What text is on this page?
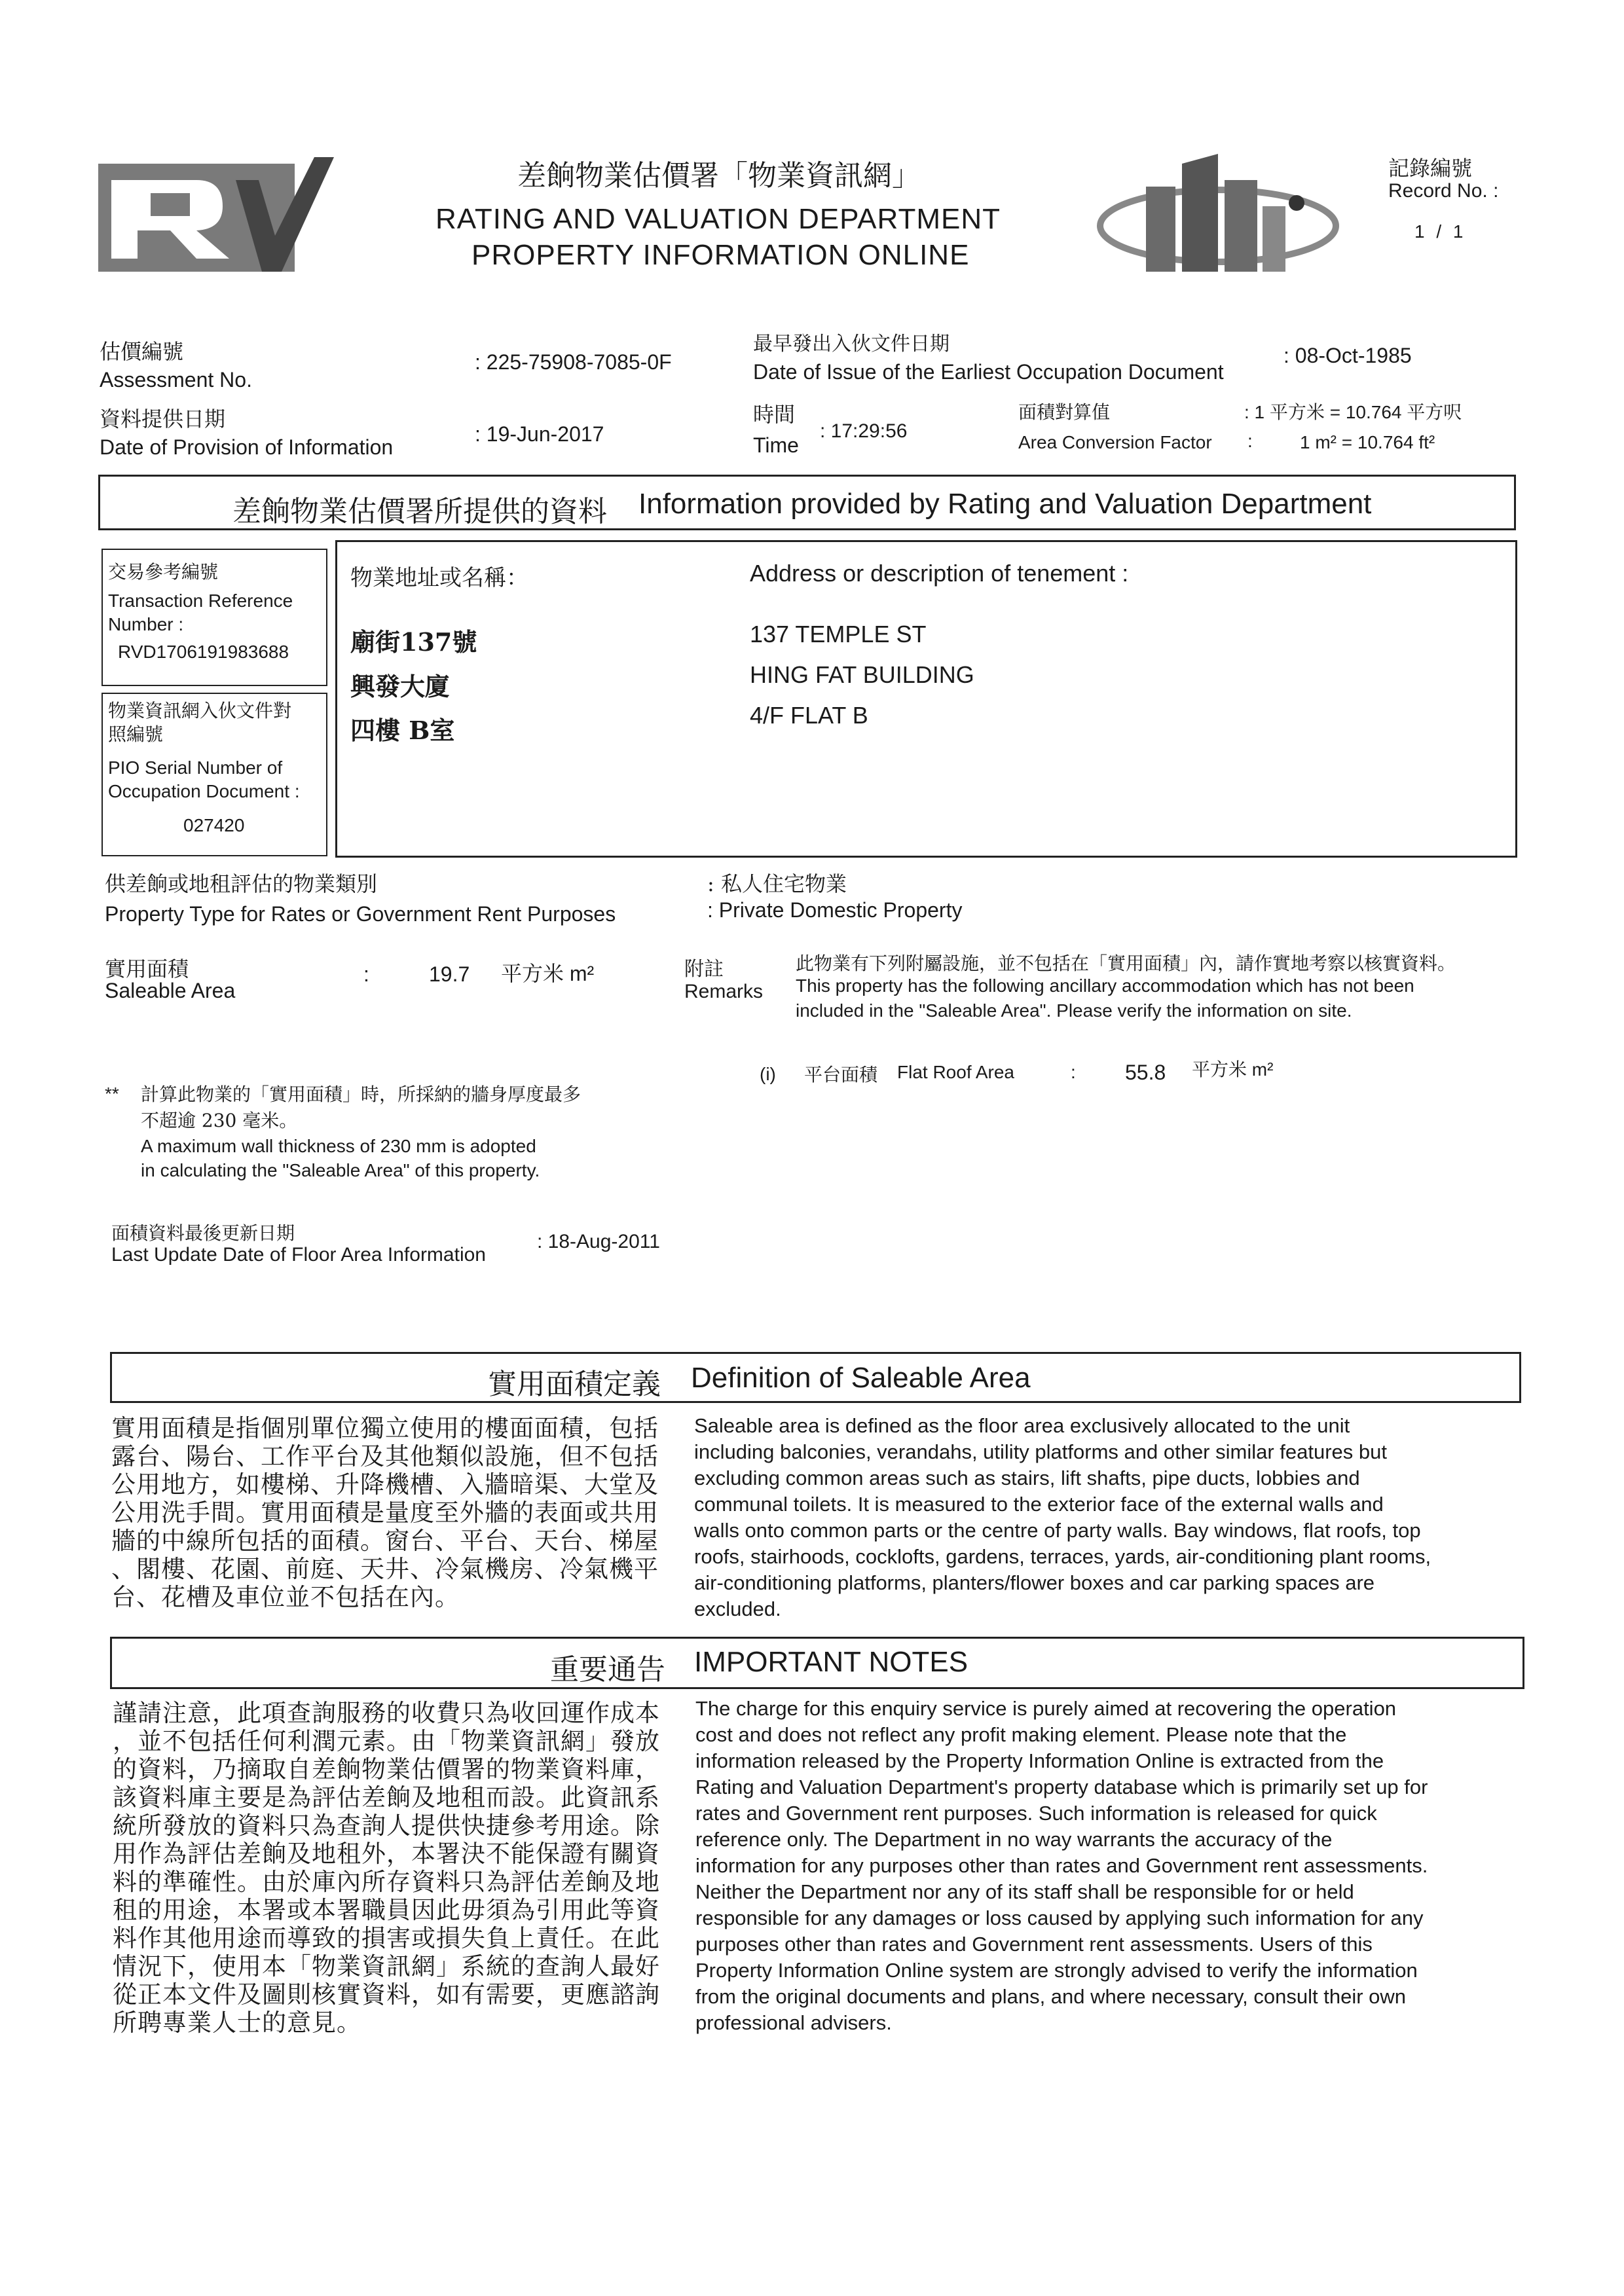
差餉物業估價署「物業資訊網」
RATING AND VALUATION DEPARTMENT
PROPERTY INFORMATION ONLINE
記錄編號
Record No. :
1 / 1
估價編號
Assessment No.
: 225-75908-7085-0F
資料提供日期
Date of Provision of Information
: 19-Jun-2017
最早發出入伙文件日期
Date of Issue of the Earliest Occupation Document
: 08-Oct-1985
時間
Time
: 17:29:56
面積對算值
Area Conversion Factor :
: 1 平方米 = 10.764 平方呎
1 m² = 10.764 ft²
差餉物業估價署所提供的資料 Information provided by Rating and Valuation Department
交易參考編號
Transaction Reference Number :
RVD1706191983688
物業資訊網入伙文件對照編號
PIO Serial Number of Occupation Document :
027420
物業地址或名稱：	Address or description of tenement :
廟街137號
興發大廈
四樓 B室
137 TEMPLE ST
HING FAT BUILDING
4/F FLAT B
供差餉或地租評估的物業類別
Property Type for Rates or Government Rent Purposes
: 私人住宅物業
: Private Domestic Property
實用面積
Saleable Area
:	19.7 平方米 m²	附註
Remarks
此物業有下列附屬設施，並不包括在「實用面積」內，請作實地考察以核實資料。
This property has the following ancillary accommodation which has not been
included in the "Saleable Area". Please verify the information on site.
(i) 平台面積 Flat Roof Area	: 55.8 平方米 m²
** 計算此物業的「實用面積」時，所採納的牆身厚度最多
不超逾 230 毫米。
A maximum wall thickness of 230 mm is adopted
in calculating the "Saleable Area" of this property.
面積資料最後更新日期
Last Update Date of Floor Area Information
: 18-Aug-2011
實用面積定義 Definition of Saleable Area
實用面積是指個別單位獨立使用的樓面面積，包括
露台、陽台、工作平台及其他類似設施，但不包括
公用地方，如樓梯、升降機槽、入牆暗渠、大堂及
公用洗手間。實用面積是量度至外牆的表面或共用
牆的中線所包括的面積。窗台、平台、天台、梯屋
、閣樓、花園、前庭、天井、冷氣機房、冷氣機平
台、花槽及車位並不包括在內。
Saleable area is defined as the floor area exclusively allocated to the unit
including balconies, verandahs, utility platforms and other similar features but
excluding common areas such as stairs, lift shafts, pipe ducts, lobbies and
communal toilets. It is measured to the exterior face of the external walls and
walls onto common parts or the centre of party walls. Bay windows, flat roofs, top
roofs, stairhoods, cocklofts, gardens, terraces, yards, air-conditioning plant rooms,
air-conditioning platforms, planters/flower boxes and car parking spaces are
excluded.
重要通告 IMPORTANT NOTES
謹請注意，此項查詢服務的收費只為收回運作成本
，並不包括任何利潤元素。由「物業資訊網」發放
的資料，乃摘取自差餉物業估價署的物業資料庫，
該資料庫主要是為評估差餉及地租而設。此資訊系
統所發放的資料只為查詢人提供快捷參考用途。除
用作為評估差餉及地租外，本署決不能保證有關資
料的準確性。由於庫內所存資料只為評估差餉及地
租的用途，本署或本署職員因此毋須為引用此等資
料作其他用途而導致的損害或損失負上責任。在此
情況下，使用本「物業資訊網」系統的查詢人最好
從正本文件及圖則核實資料，如有需要，更應諮詢
所聘專業人士的意見。
The charge for this enquiry service is purely aimed at recovering the operation
cost and does not reflect any profit making element. Please note that the
information released by the Property Information Online is extracted from the
Rating and Valuation Department's property database which is primarily set up for
rates and Government rent purposes. Such information is released for quick
reference only. The Department in no way warrants the accuracy of the
information for any purposes other than rates and Government rent assessments.
Neither the Department nor any of its staff shall be responsible for or held
responsible for any damages or loss caused by applying such information for any
purposes other than rates and Government rent assessments. Users of this
Property Information Online system are strongly advised to verify the information
from the original documents and plans, and where necessary, consult their own
professional advisers.
